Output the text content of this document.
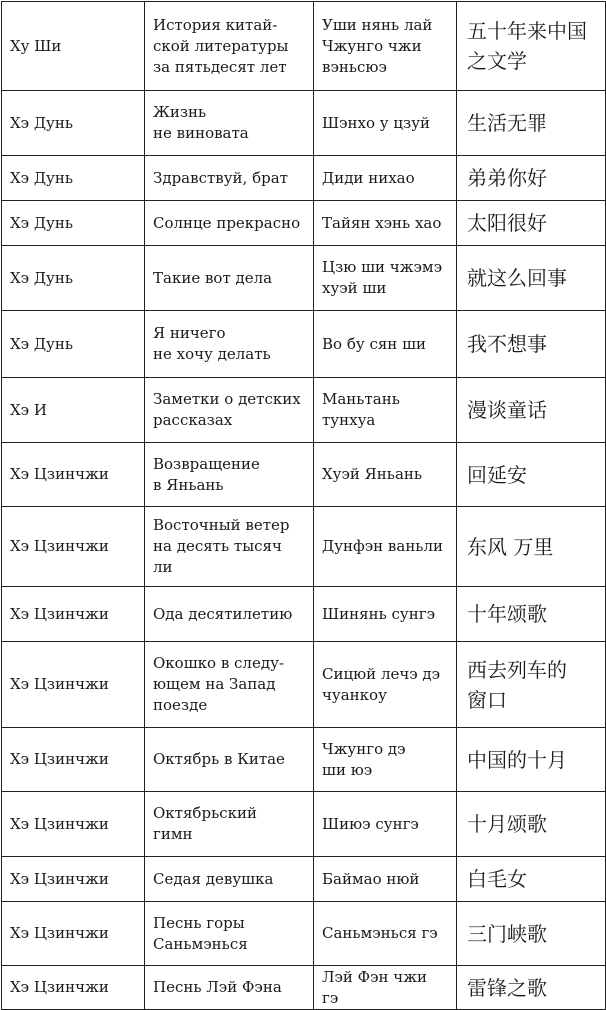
Ху Ши	История китай-
ской литературы
за пятьдесят лет	Уши нянь лай
Чжунго чжи
вэньсюэ	五十年来中国
之文学
Хэ Дунь	Жизнь
не виновата	Шэнхо у цзуй	生活无罪
Хэ Дунь	Здравствуй, брат	Диди нихао	弟弟你好
Хэ Дунь	Солнце прекрасно	Тайян хэнь хао	太阳很好
Хэ Дунь	Такие вот дела	Цзю ши чжэмэ
хуэй ши	就这么回事
Хэ Дунь	Я ничего
не хочу делать	Во бу сян ши	我不想事
Хэ И	Заметки о детских
рассказах	Маньтань
тунхуа	漫谈童话
Хэ Цзинчжи	Возвращение
в Яньань	Хуэй Яньань	回延安
Хэ Цзинчжи	Восточный ветер
на десять тысяч ли	Дунфэн ваньли	东风 万里
Хэ Цзинчжи	Ода десятилетию	Шинянь сунгэ	十年颂歌
Хэ Цзинчжи	Окошко в следу-
ющем на Запад
поезде	Сицюй лечэ дэ
чуанкоу	西去列车的
窗口
Хэ Цзинчжи	Октябрь в Китае	Чжунго дэ
ши юэ	中国的十月
Хэ Цзинчжи	Октябрьский
гимн	Шиюэ сунгэ	十月颂歌
Хэ Цзинчжи	Седая девушка	Баймао нюй	白毛女
Хэ Цзинчжи	Песнь горы
Саньмэнься	Саньмэнься гэ	三门峡歌
Хэ Цзинчжи	Песнь Лэй Фэна	Лэй Фэн чжи гэ	雷锋之歌
